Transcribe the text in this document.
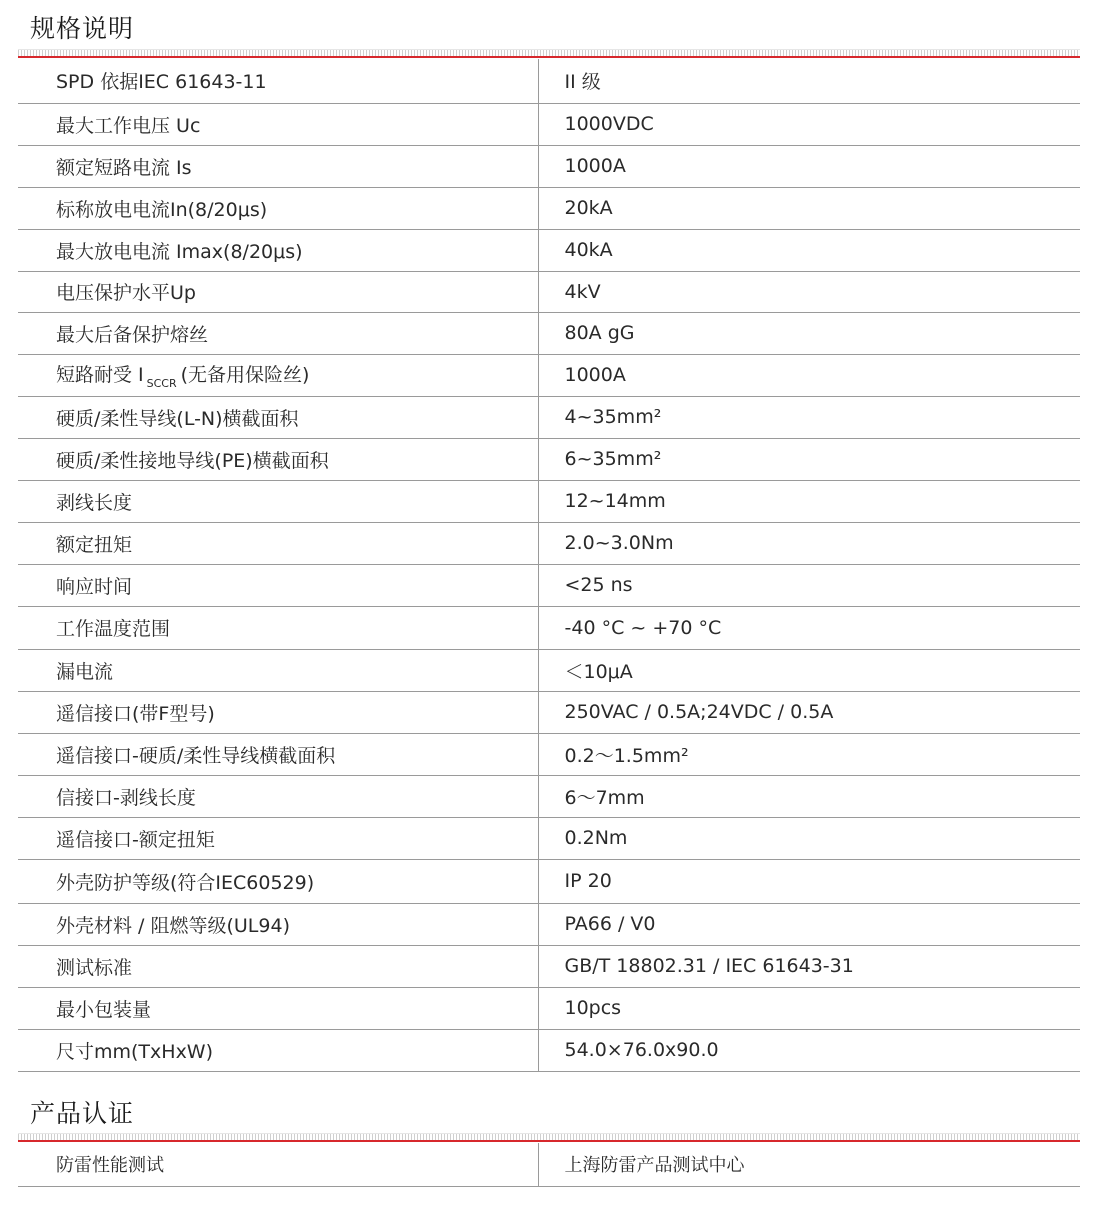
规格说明
SPD 依据IEC 61643-11	II 级
最大工作电压 Uc	1000VDC
额定短路电流 Is	1000A
标称放电电流In(8/20μs)	20kA
最大放电电流 Imax(8/20μs)	40kA
电压保护水平Up	4kV
最大后备保护熔丝	80A gG
短路耐受 I $_{SCCR}$ (无备用保险丝)	1000A
硬质/柔性导线(L-N)横截面积	4~35mm²
硬质/柔性接地导线(PE)横截面积	6~35mm²
剥线长度	12~14mm
额定扭矩	2.0~3.0Nm
响应时间	<25 ns
工作温度范围	-40 °C ~ +70 °C
漏电流	＜10μA
遥信接口(带F型号)	250VAC / 0.5A;24VDC / 0.5A
遥信接口-硬质/柔性导线横截面积	0.2～1.5mm²
信接口-剥线长度	6～7mm
遥信接口-额定扭矩	0.2Nm
外壳防护等级(符合IEC60529)	IP 20
外壳材料 / 阻燃等级(UL94)	PA66 / V0
测试标准	GB/T 18802.31 / IEC 61643-31
最小包装量	10pcs
尺寸mm(TxHxW)	54.0×76.0x90.0
产品认证
防雷性能测试	上海防雷产品测试中心
